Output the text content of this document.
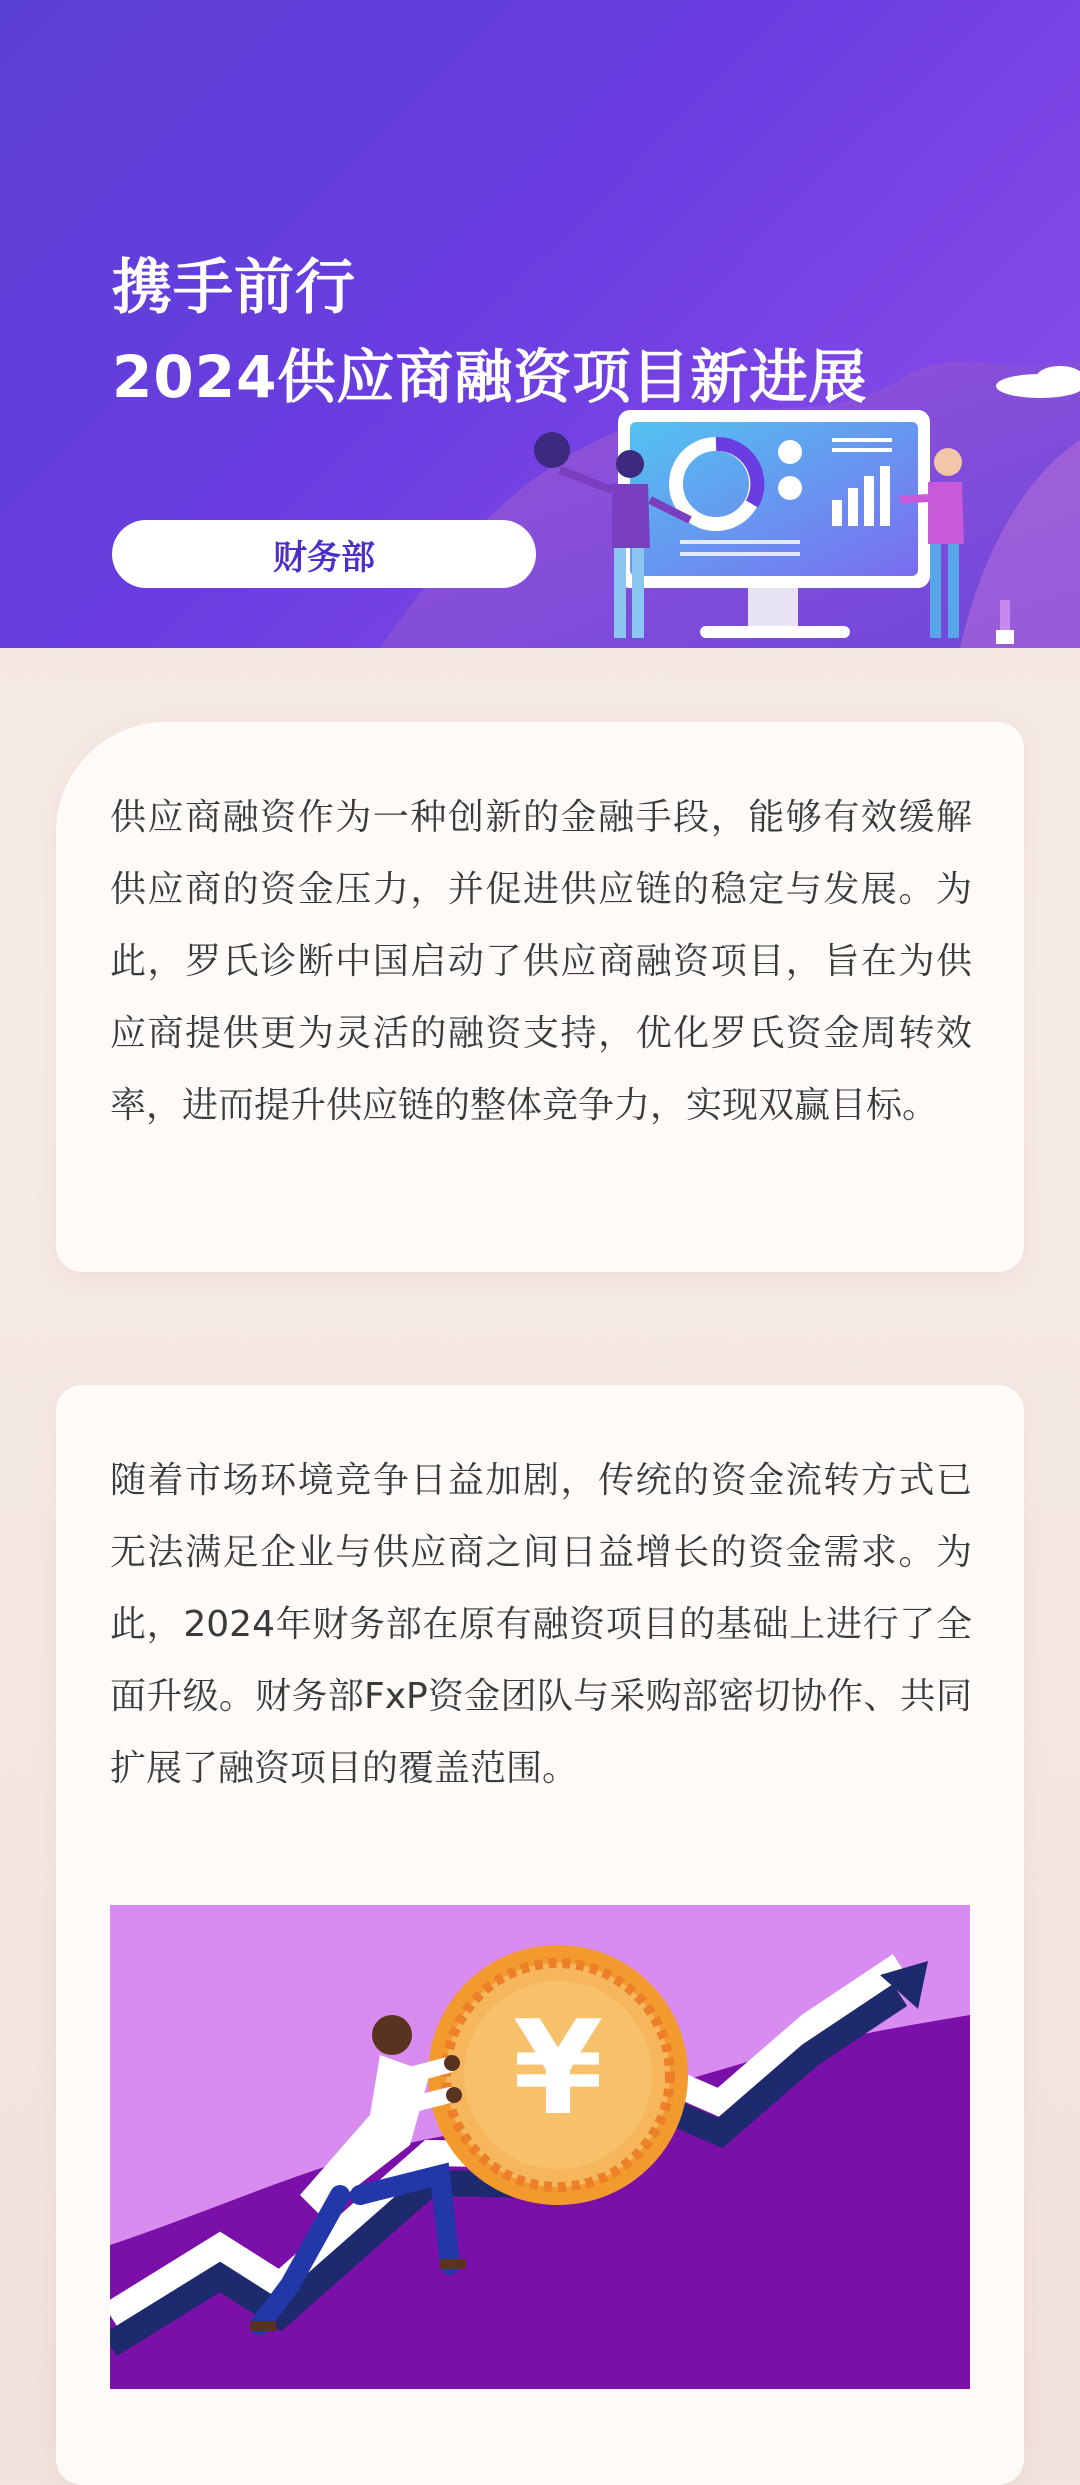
携手前行
2024供应商融资项目新进展
财务部
供应商融资作为一种创新的金融手段，能够有效缓解供应商的资金压力，并促进供应链的稳定与发展。为此，罗氏诊断中国启动了供应商融资项目，旨在为供应商提供更为灵活的融资支持，优化罗氏资金周转效率，进而提升供应链的整体竞争力，实现双赢目标。
随着市场环境竞争日益加剧，传统的资金流转方式已无法满足企业与供应商之间日益增长的资金需求。为此，2024年财务部在原有融资项目的基础上进行了全面升级。财务部FxP资金团队与采购部密切协作、共同扩展了融资项目的覆盖范围。
¥
